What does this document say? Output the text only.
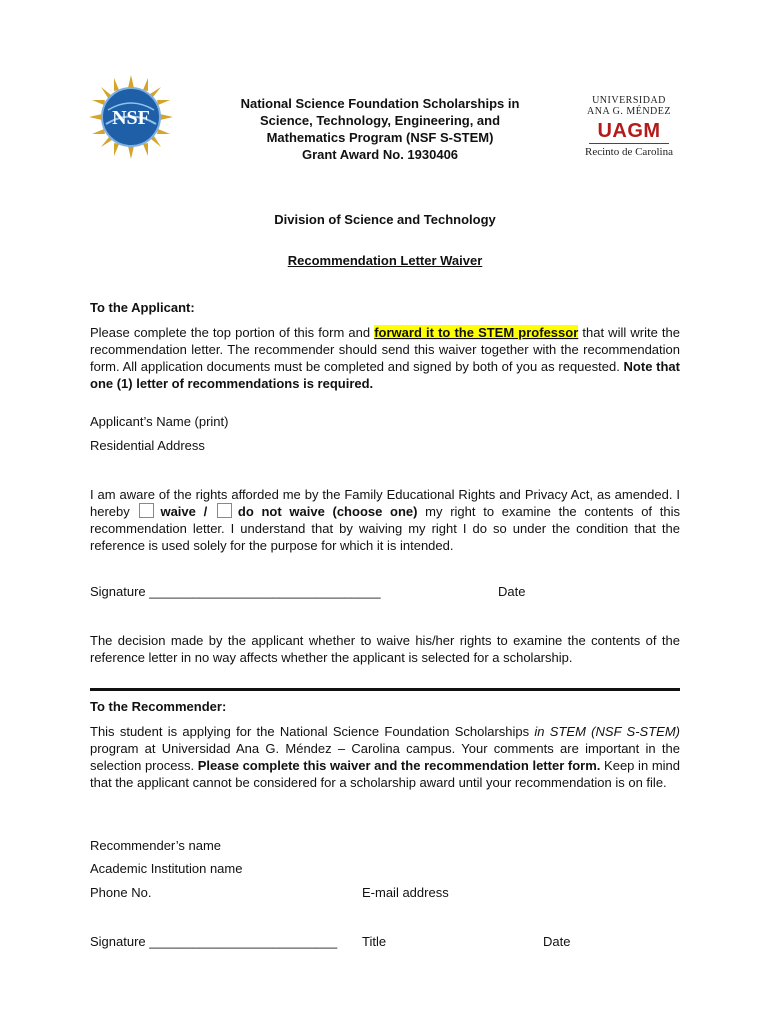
NSF
National Science Foundation Scholarships in
Science, Technology, Engineering, and
Mathematics Program (NSF S-STEM)
Grant Award No. 1930406
UNIVERSIDAD
ANA G. MÉNDEZ
UAGM
Recinto de Carolina
Division of Science and Technology
Recommendation Letter Waiver
To the Applicant:
Please complete the top portion of this form and forward it to the STEM professor that will write the recommendation letter. The recommender should send this waiver together with the recommendation form. All application documents must be completed and signed by both of you as requested. Note that one (1) letter of recommendations is required.
Applicant’s Name (print)
Residential Address
I am aware of the rights afforded me by the Family Educational Rights and Privacy Act, as amended. I hereby waive / do not waive (choose one) my right to examine the contents of this recommendation letter. I understand that by waiving my right I do so under the condition that the reference is used solely for the purpose for which it is intended.
Signature ________________________________	Date
The decision made by the applicant whether to waive his/her rights to examine the contents of the reference letter in no way affects whether the applicant is selected for a scholarship.
To the Recommender:
This student is applying for the National Science Foundation Scholarships in STEM (NSF S-STEM) program at Universidad Ana G. Méndez – Carolina campus. Your comments are important in the selection process. Please complete this waiver and the recommendation letter form. Keep in mind that the applicant cannot be considered for a scholarship award until your recommendation is on file.
Recommender’s name
Academic Institution name
Phone No.	E-mail address
Signature __________________________ Title	Date
